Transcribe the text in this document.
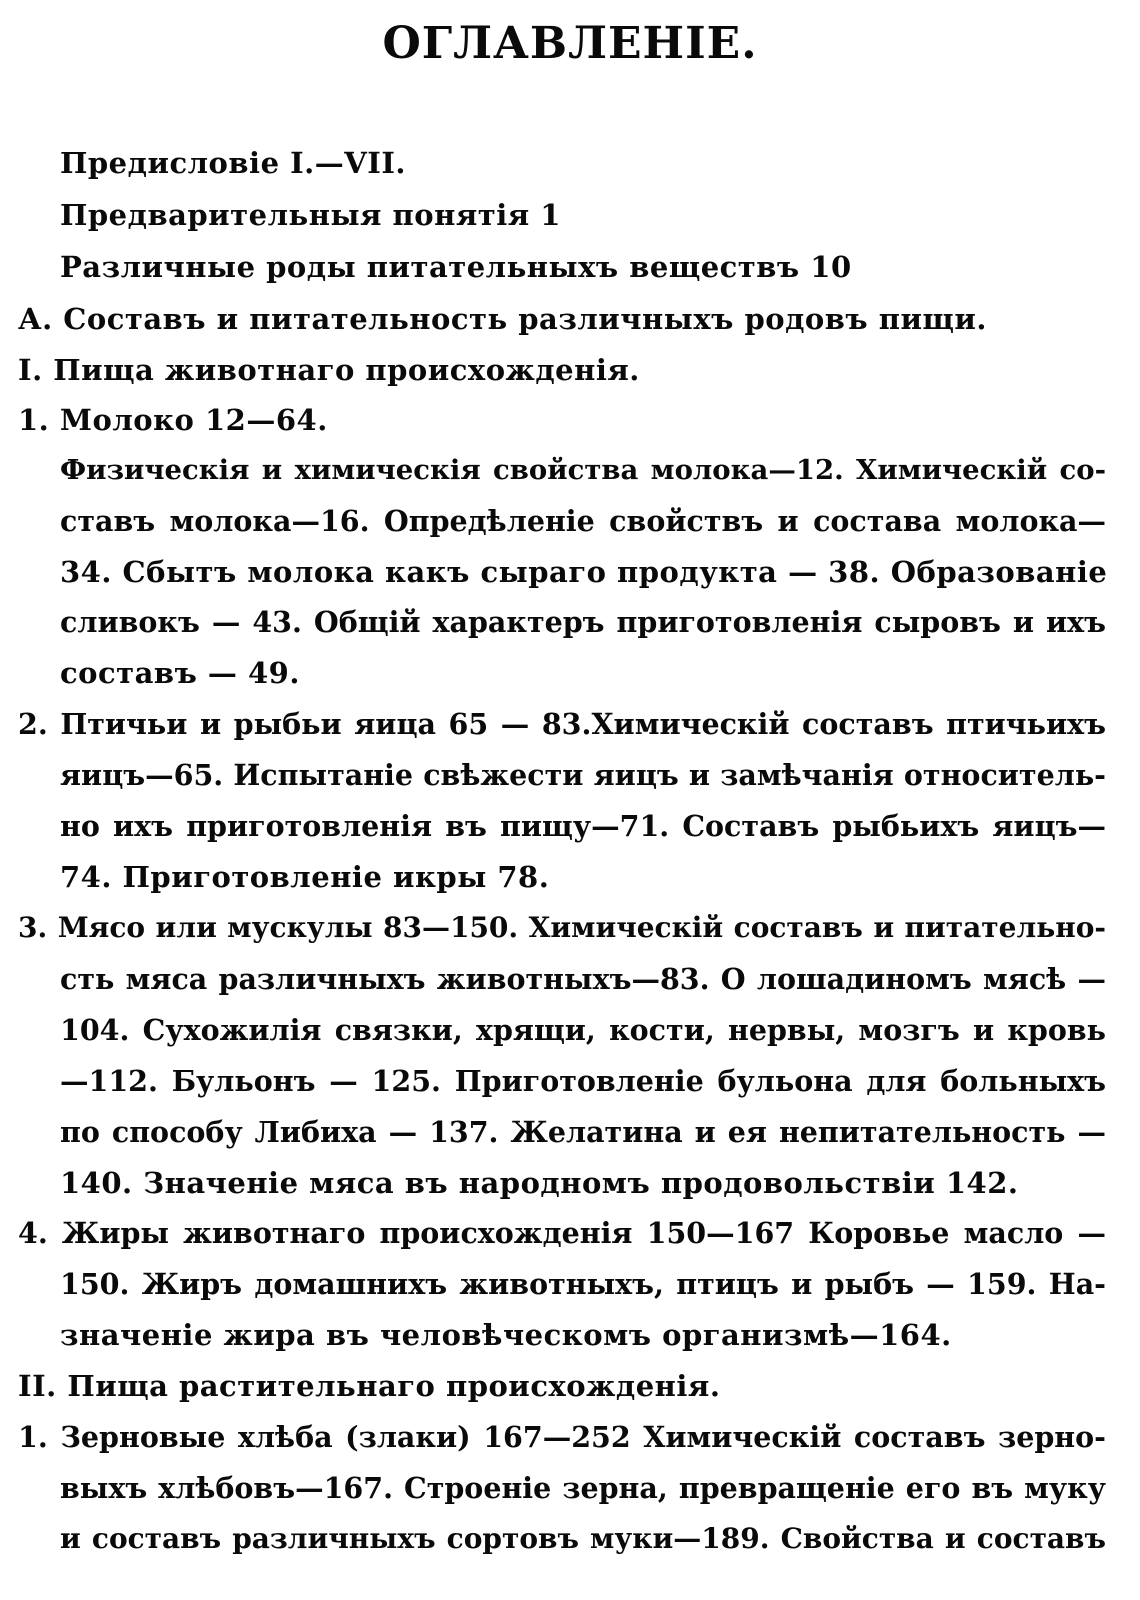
ОГЛАВЛЕНIЕ.
Предисловiе I.—VII.
Предварительныя понятiя 1
Различные роды питательныхъ веществъ 10
А. Составъ и питательность различныхъ родовъ пищи.
I. Пища животнаго происхожденiя.
1. Молоко 12—64.
Физическiя и химическiя свойства молока—12. Химическiй со-
ставъ молока—16. Опредѣленiе свойствъ и состава молока—
34. Сбытъ молока какъ сыраго продукта — 38. Образованiе
сливокъ — 43. Общiй характеръ приготовленiя сыровъ и ихъ
составъ — 49.
2. Птичьи и рыбьи яица 65 — 83.Химическiй составъ птичьихъ
яицъ—65. Испытанiе свѣжести яицъ и замѣчанiя относитель-
но ихъ приготовленiя въ пищу—71. Составъ рыбьихъ яицъ—
74. Приготовленiе икры 78.
3. Мясо или мускулы 83—150. Химическiй составъ и питательно-
сть мяса различныхъ животныхъ—83. О лошадиномъ мясѣ —
104. Сухожилiя связки, хрящи, кости, нервы, мозгъ и кровь
—112. Бульонъ — 125. Приготовленiе бульона для больныхъ
по способу Либиха — 137. Желатина и ея непитательность —
140. Значенiе мяса въ народномъ продовольствiи 142.
4. Жиры животнаго происхожденiя 150—167 Коровье масло —
150. Жиръ домашнихъ животныхъ, птицъ и рыбъ — 159. На-
значенiе жира въ человѣческомъ организмѣ—164.
II. Пища растительнаго происхожденiя.
1. Зерновые хлѣба (злаки) 167—252 Химическiй составъ зерно-
выхъ хлѣбовъ—167. Строенiе зерна, превращенiе его въ муку
и составъ различныхъ сортовъ муки—189. Свойства и составъ
